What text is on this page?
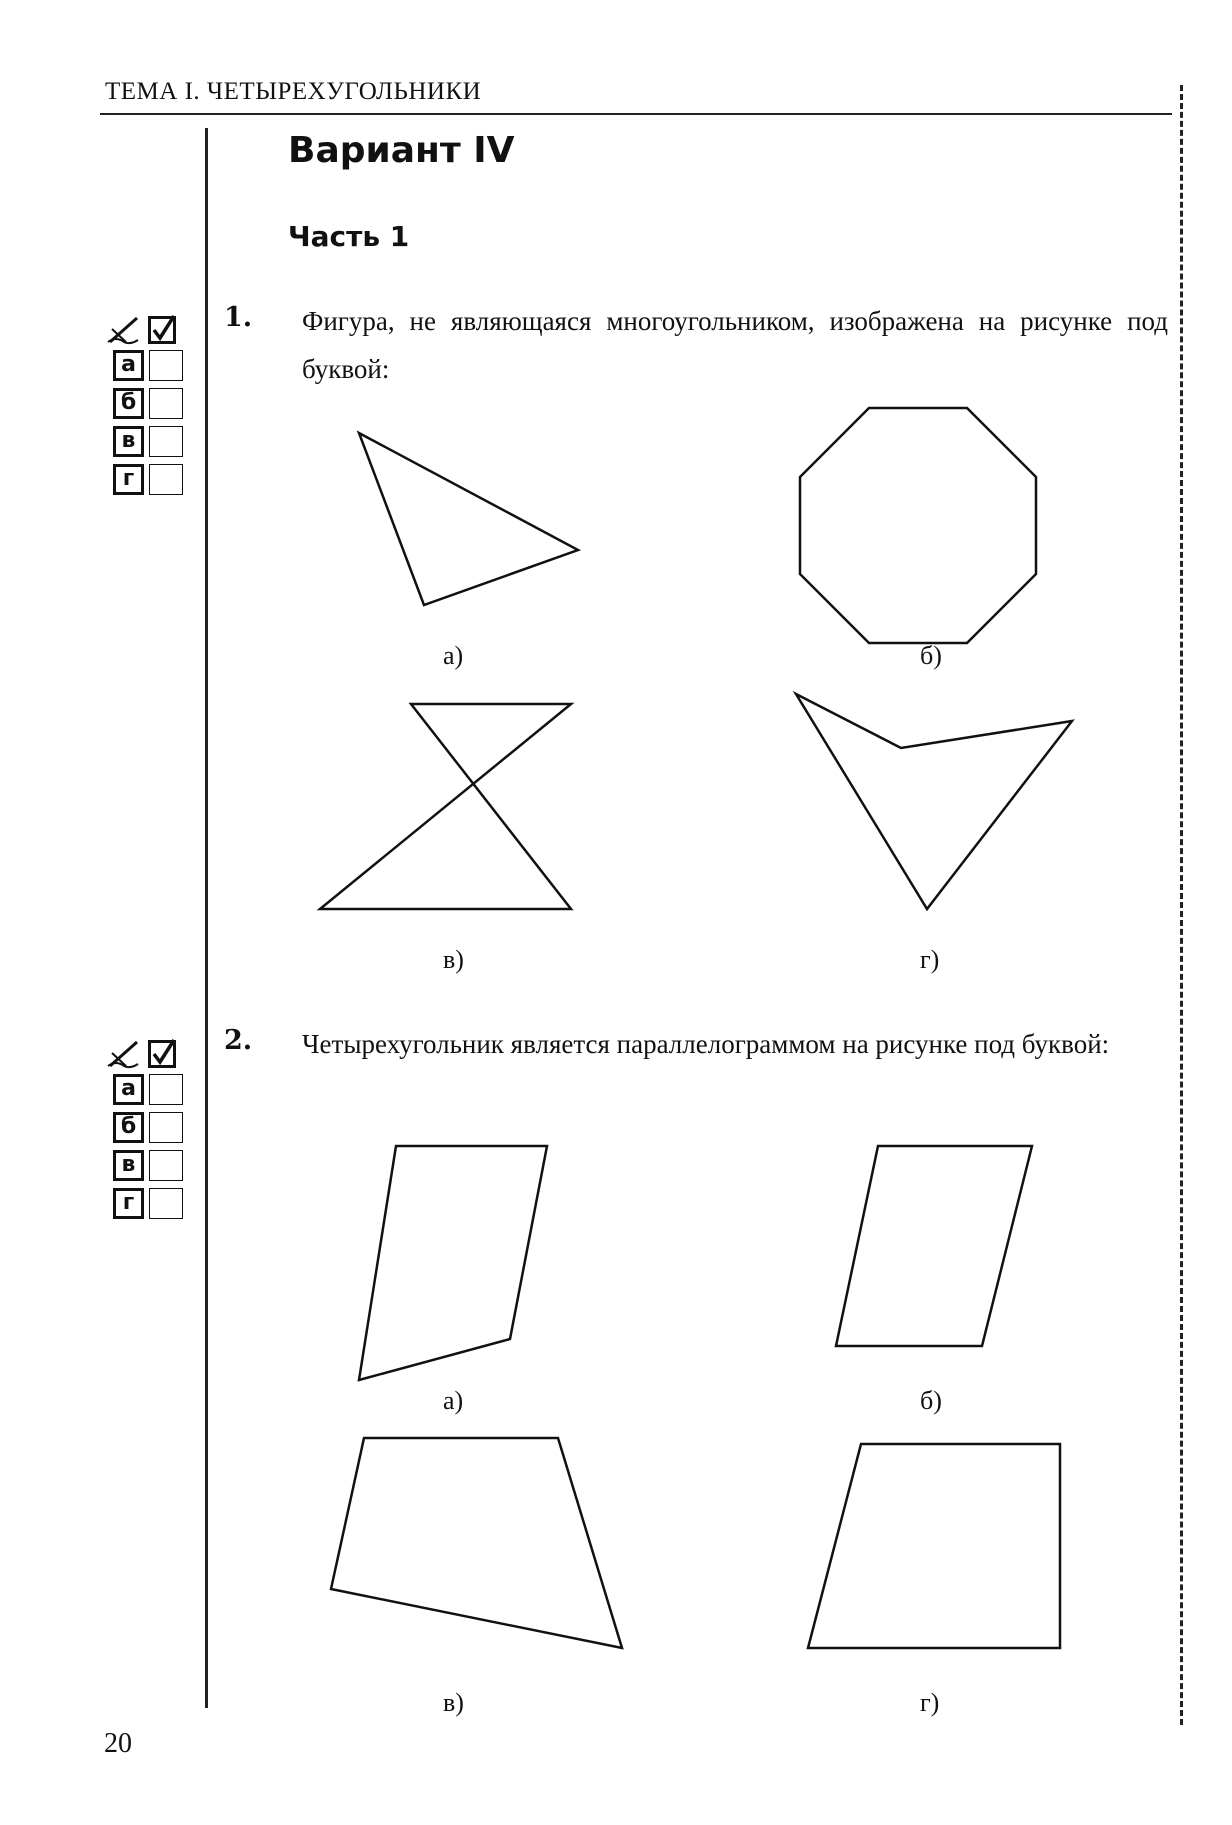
ТЕМА I. ЧЕТЫРЕХУГОЛЬНИКИ
Вариант IV
Часть 1
а
б
в
г
1. Фигура, не являющаяся многоугольником, изображена на рисунке под буквой:
а
б
в
г
2. Четырехугольник является параллелограммом на рисунке под буквой:
а)	б)
в)	г)
а)	б)
в)	г)
20
